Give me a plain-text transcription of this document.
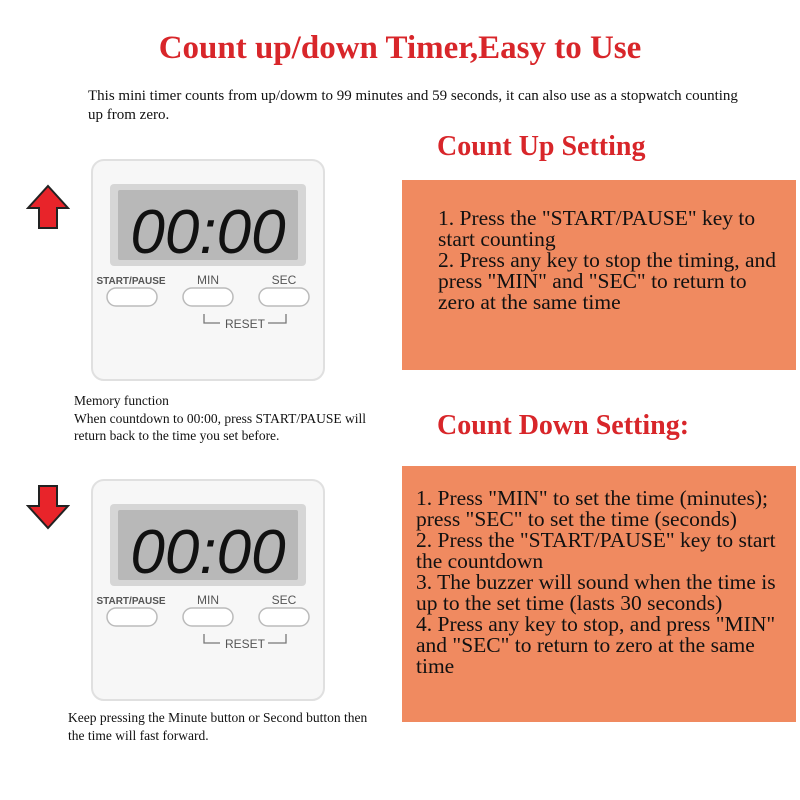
Count up/down Timer,Easy to Use
This mini timer counts from up/dowm to 99 minutes and 59 seconds, it can also use as a stopwatch counting up from zero.
00:00
START/PAUSE	MIN	SEC
RESET
00:00
START/PAUSE	MIN	SEC
RESET
Count Up Setting

1. Press the "START/PAUSE" key to start counting

2. Press any key to stop the timing, and press "MIN" and "SEC" to return to zero at the same time

Memory function
When countdown to 00:00, press START/PAUSE will return back to the time you set before.	Count Down Setting:

1. Press "MIN" to set the time (minutes); press "SEC" to set the time (seconds)

2. Press the "START/PAUSE" key to start the countdown

3. The buzzer will sound when the time is up to the set time (lasts 30 seconds)

4. Press any key to stop, and press "MIN" and "SEC" to return to zero at the same time

Keep pressing the Minute button or Second button then the time will fast forward.
